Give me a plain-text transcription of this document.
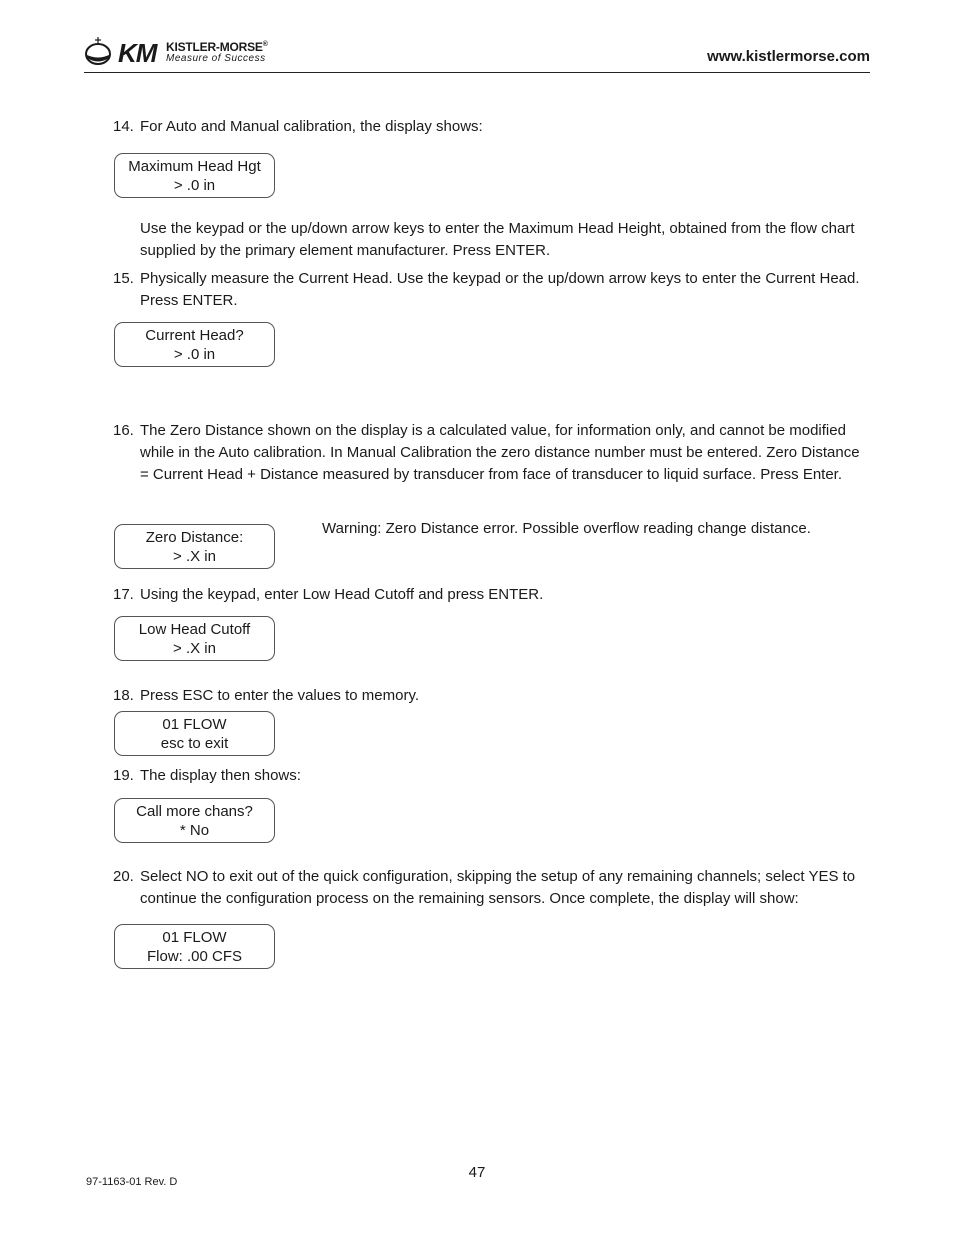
KM KISTLER-MORSE®
Measure of Success	www.kistlermorse.com
14. For Auto and Manual calibration, the display shows:
Maximum Head Hgt
> .0 in
Use the keypad or the up/down arrow keys to enter the Maximum Head Height, obtained from the flow chart supplied by the primary element manufacturer. Press ENTER.
15. Physically measure the Current Head. Use the keypad or the up/down arrow keys to enter the Current Head. Press ENTER.
Current Head?
> .0 in
16. The Zero Distance shown on the display is a calculated value, for information only, and cannot be modified while in the Auto calibration. In Manual Calibration the zero distance number must be entered. Zero Distance = Current Head + Distance measured by transducer from face of transducer to liquid surface. Press Enter.
Zero Distance:
> .X in
Warning: Zero Distance error. Possible overflow reading change distance.
17. Using the keypad, enter Low Head Cutoff and press ENTER.
Low Head Cutoff
> .X in
18. Press ESC to enter the values to memory.
01 FLOW
esc to exit
19. The display then shows:
Call more chans?
* No
20. Select NO to exit out of the quick configuration, skipping the setup of any remaining channels; select YES to continue the configuration process on the remaining sensors. Once complete, the display will show:
01 FLOW
Flow: .00 CFS
47
97-1163-01 Rev. D
